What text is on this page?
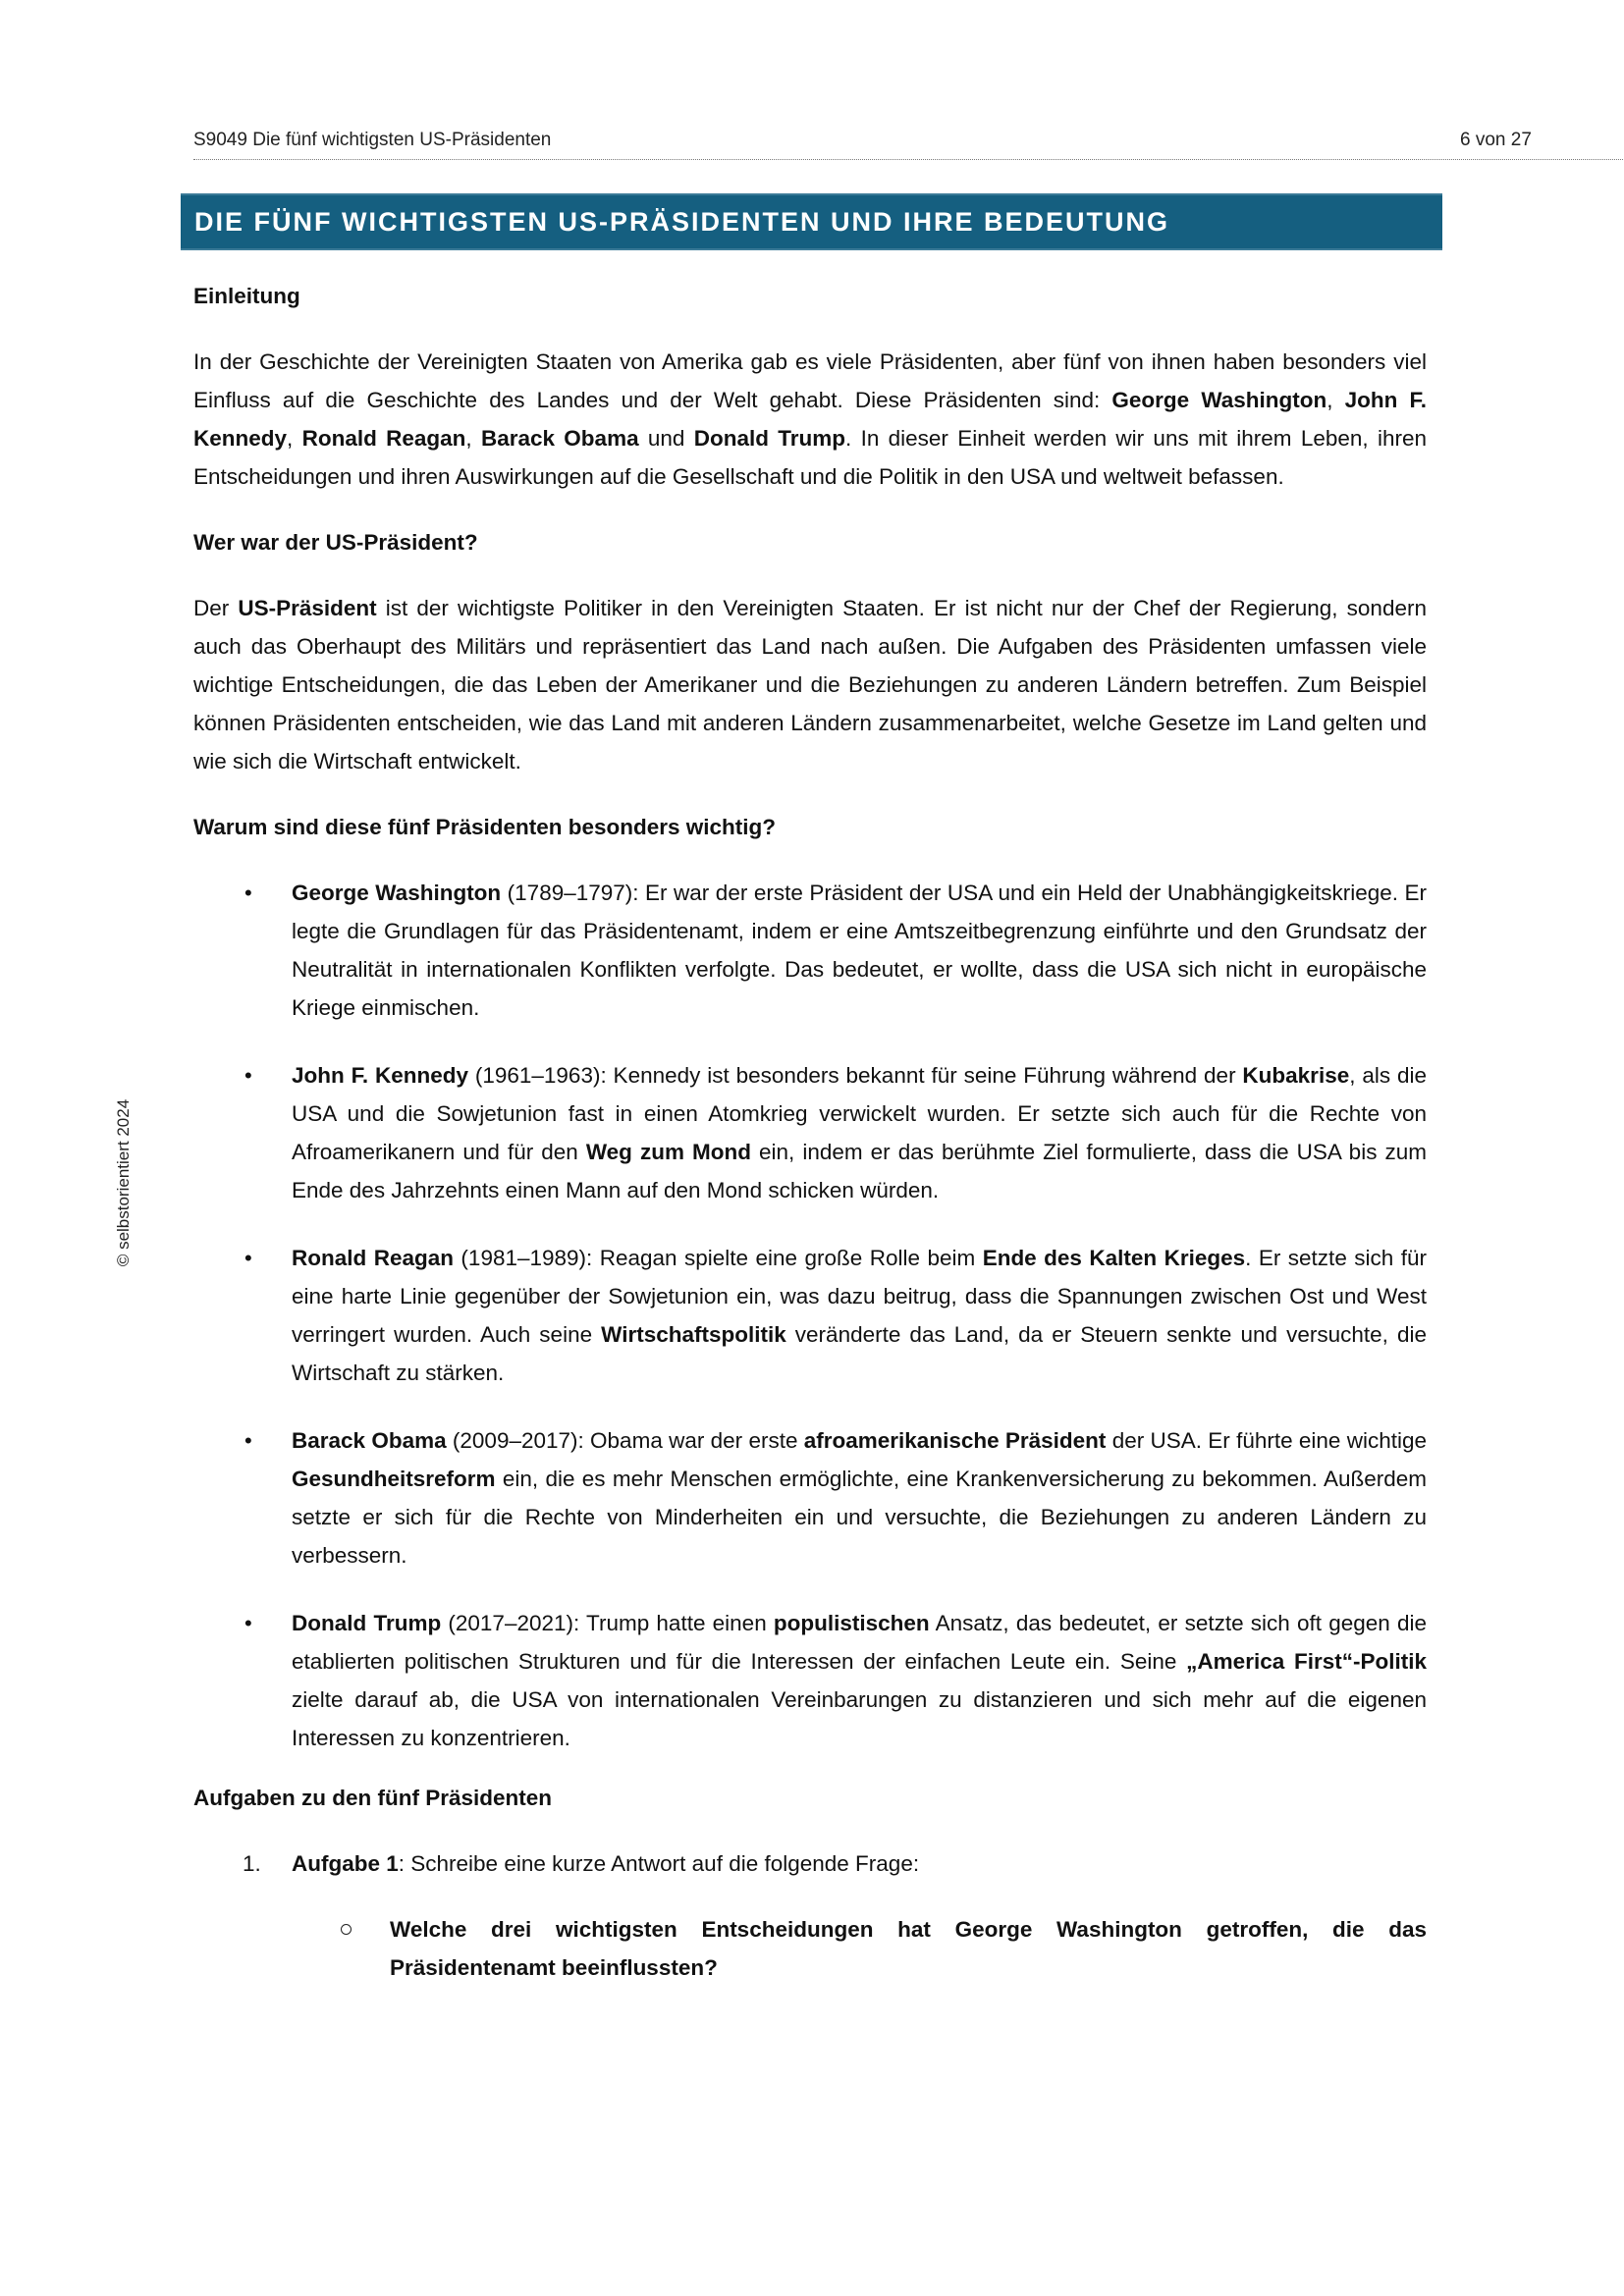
S9049 Die fünf wichtigsten US-Präsidenten	6 von 27
© selbstorientiert 2024
DIE FÜNF WICHTIGSTEN US-PRÄSIDENTEN UND IHRE BEDEUTUNG
Einleitung

In der Geschichte der Vereinigten Staaten von Amerika gab es viele Präsidenten, aber fünf von ihnen haben besonders viel Einfluss auf die Geschichte des Landes und der Welt gehabt. Diese Präsidenten sind: George Washington, John F. Kennedy, Ronald Reagan, Barack Obama und Donald Trump. In dieser Einheit werden wir uns mit ihrem Leben, ihren Entscheidungen und ihren Auswirkungen auf die Gesellschaft und die Politik in den USA und weltweit befassen.

Wer war der US-Präsident?

Der US-Präsident ist der wichtigste Politiker in den Vereinigten Staaten. Er ist nicht nur der Chef der Regierung, sondern auch das Oberhaupt des Militärs und repräsentiert das Land nach außen. Die Aufgaben des Präsidenten umfassen viele wichtige Entscheidungen, die das Leben der Amerikaner und die Beziehungen zu anderen Ländern betreffen. Zum Beispiel können Präsidenten entscheiden, wie das Land mit anderen Ländern zusammenarbeitet, welche Gesetze im Land gelten und wie sich die Wirtschaft entwickelt.

Warum sind diese fünf Präsidenten besonders wichtig?
• George Washington (1789–1797): Er war der erste Präsident der USA und ein Held der Unabhängigkeitskriege. Er legte die Grundlagen für das Präsidentenamt, indem er eine Amtszeitbegrenzung einführte und den Grundsatz der Neutralität in internationalen Konflikten verfolgte. Das bedeutet, er wollte, dass die USA sich nicht in europäische Kriege einmischen.
• John F. Kennedy (1961–1963): Kennedy ist besonders bekannt für seine Führung während der Kubakrise, als die USA und die Sowjetunion fast in einen Atomkrieg verwickelt wurden. Er setzte sich auch für die Rechte von Afroamerikanern und für den Weg zum Mond ein, indem er das berühmte Ziel formulierte, dass die USA bis zum Ende des Jahrzehnts einen Mann auf den Mond schicken würden.
• Ronald Reagan (1981–1989): Reagan spielte eine große Rolle beim Ende des Kalten Krieges. Er setzte sich für eine harte Linie gegenüber der Sowjetunion ein, was dazu beitrug, dass die Spannungen zwischen Ost und West verringert wurden. Auch seine Wirtschaftspolitik veränderte das Land, da er Steuern senkte und versuchte, die Wirtschaft zu stärken.
• Barack Obama (2009–2017): Obama war der erste afroamerikanische Präsident der USA. Er führte eine wichtige Gesundheitsreform ein, die es mehr Menschen ermöglichte, eine Krankenversicherung zu bekommen. Außerdem setzte er sich für die Rechte von Minderheiten ein und versuchte, die Beziehungen zu anderen Ländern zu verbessern.
• Donald Trump (2017–2021): Trump hatte einen populistischen Ansatz, das bedeutet, er setzte sich oft gegen die etablierten politischen Strukturen und für die Interessen der einfachen Leute ein. Seine „America First“-Politik zielte darauf ab, die USA von internationalen Vereinbarungen zu distanzieren und sich mehr auf die eigenen Interessen zu konzentrieren.
Aufgaben zu den fünf Präsidenten
1. Aufgabe 1: Schreibe eine kurze Antwort auf die folgende Frage:
Welche drei wichtigsten Entscheidungen hat George Washington getroffen, die das Präsidentenamt beeinflussten?
